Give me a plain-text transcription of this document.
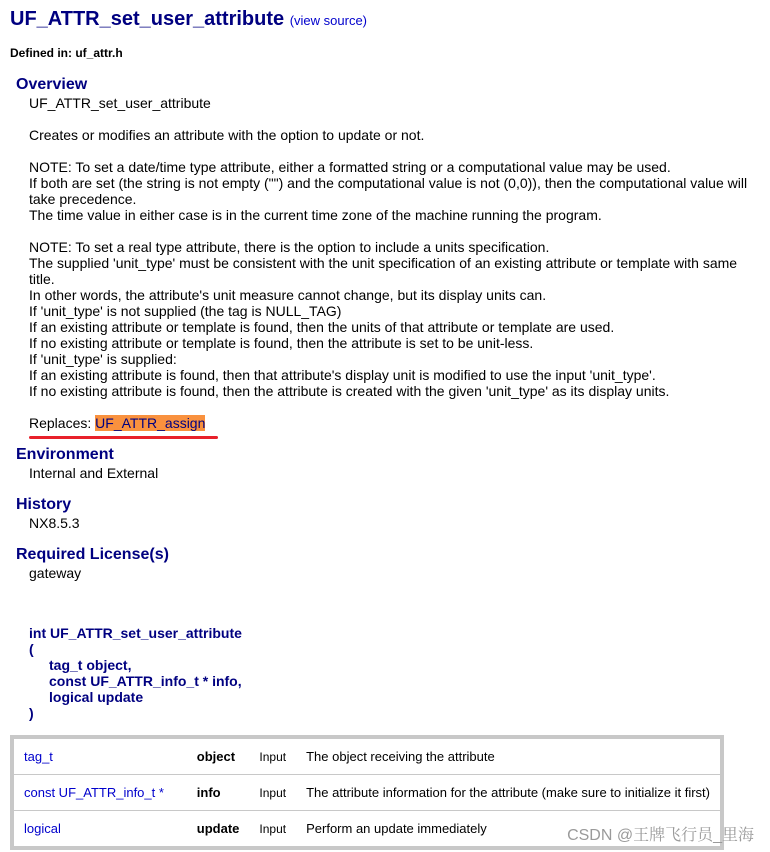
UF_ATTR_set_user_attribute (view source)
Defined in: uf_attr.h
Overview

UF_ATTR_set_user_attribute

Creates or modifies an attribute with the option to update or not.

NOTE: To set a date/time type attribute, either a formatted string or a computational value may be used.
If both are set (the string is not empty ("") and the computational value is not (0,0)), then the computational value will take precedence.
The time value in either case is in the current time zone of the machine running the program.

NOTE: To set a real type attribute, there is the option to include a units specification.
The supplied 'unit_type' must be consistent with the unit specification of an existing attribute or template with same title.
In other words, the attribute's unit measure cannot change, but its display units can.
If 'unit_type' is not supplied (the tag is NULL_TAG)
If an existing attribute or template is found, then the units of that attribute or template are used.
If no existing attribute or template is found, then the attribute is set to be unit-less.
If 'unit_type' is supplied:
If an existing attribute is found, then that attribute's display unit is modified to use the input 'unit_type'.
If no existing attribute is found, then the attribute is created with the given 'unit_type' as its display units.

Replaces: UF_ATTR_assign
Environment
Internal and External
History
NX8.5.3
Required License(s)
gateway
int UF_ATTR_set_user_attribute
(
tag_t object,
const UF_ATTR_info_t * info,
logical update
)
tag_t	object	Input	The object receiving the attribute
const UF_ATTR_info_t *	info	Input	The attribute information for the attribute (make sure to initialize it first)
logical	update	Input	Perform an update immediately	CSDN @王牌飞行员_里海
